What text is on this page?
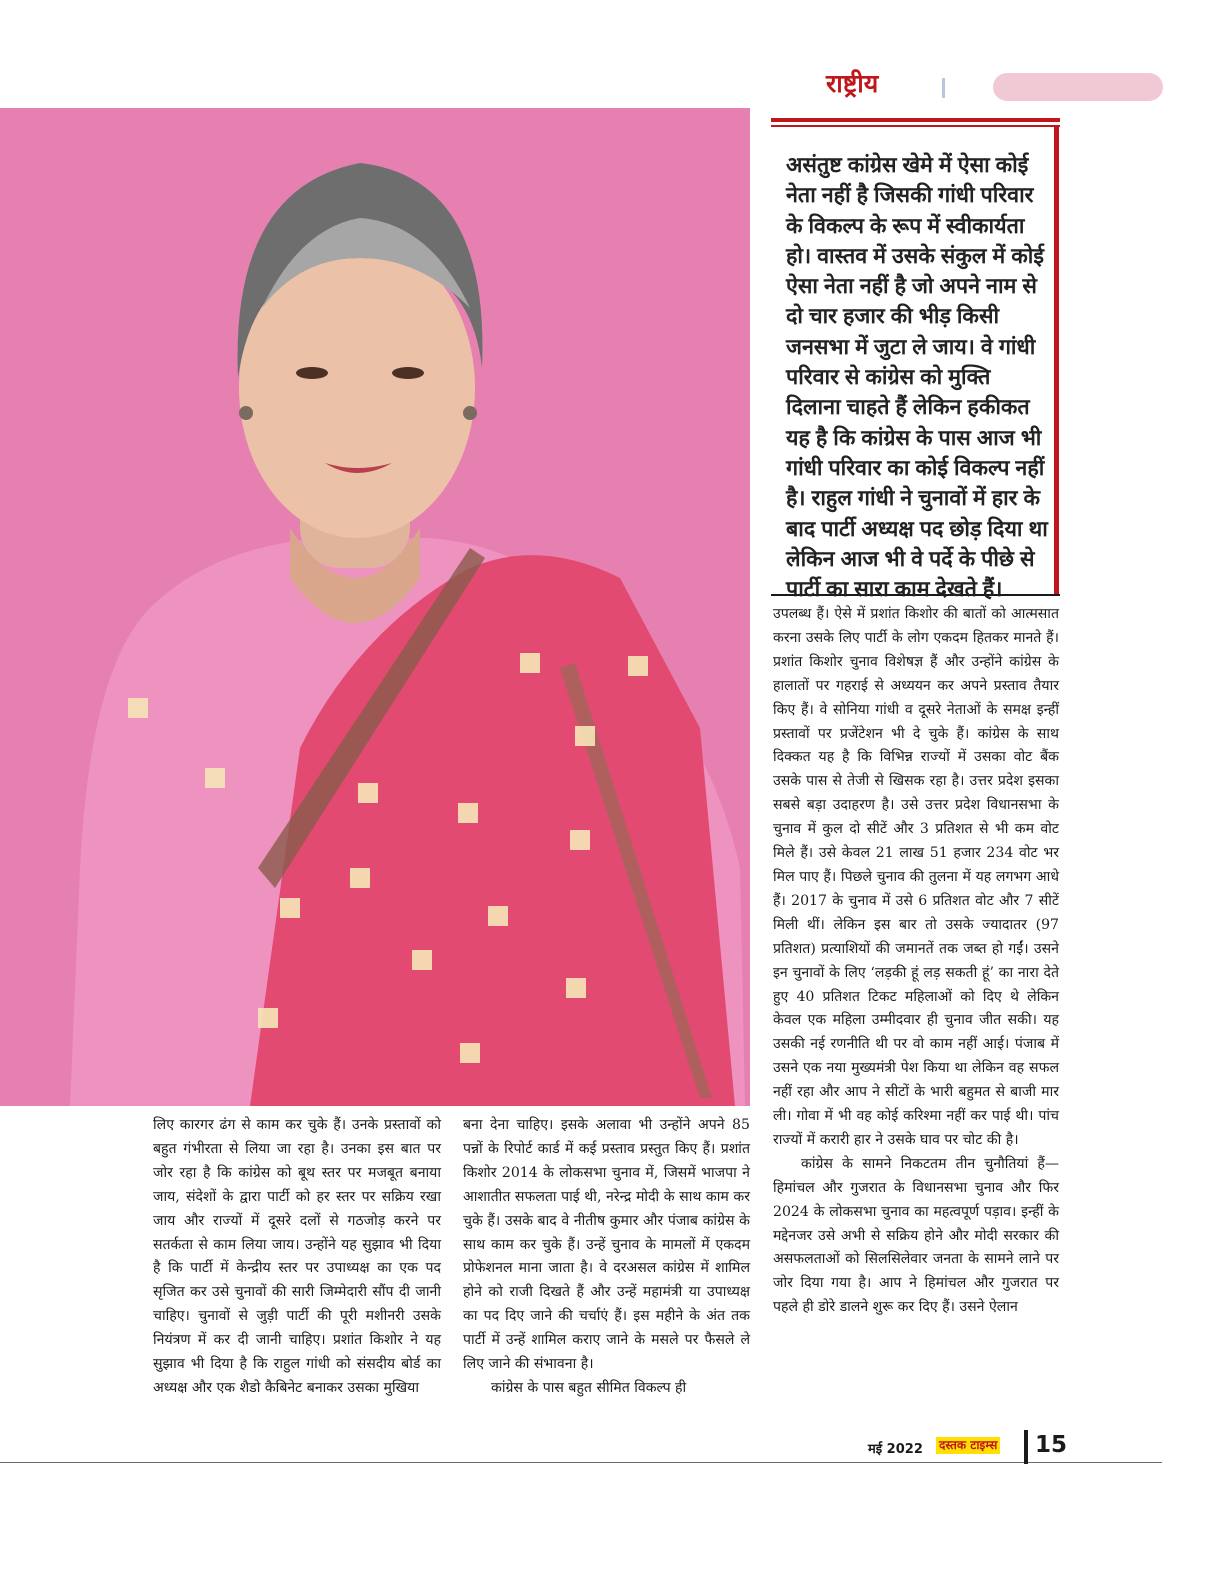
राष्ट्रीय
असंतुष्ट कांग्रेस खेमे में ऐसा कोई नेता नहीं है जिसकी गांधी परिवार के विकल्प के रूप में स्वीकार्यता हो। वास्तव में उसके संकुल में कोई ऐसा नेता नहीं है जो अपने नाम से दो चार हजार की भीड़ किसी जनसभा में जुटा ले जाय। वे गांधी परिवार से कांग्रेस को मुक्ति दिलाना चाहते हैं लेकिन हकीकत यह है कि कांग्रेस के पास आज भी गांधी परिवार का कोई विकल्प नहीं है। राहुल गांधी ने चुनावों में हार के बाद पार्टी अध्यक्ष पद छोड़ दिया था लेकिन आज भी वे पर्दे के पीछे से पार्टी का सारा काम देखते हैं।

उपलब्ध हैं। ऐसे में प्रशांत किशोर की बातों को आत्मसात करना उसके लिए पार्टी के लोग एकदम हितकर मानते हैं। प्रशांत किशोर चुनाव विशेषज्ञ हैं और उन्होंने कांग्रेस के हालातों पर गहराई से अध्ययन कर अपने प्रस्ताव तैयार किए हैं। वे सोनिया गांधी व दूसरे नेताओं के समक्ष इन्हीं प्रस्तावों पर प्रजेंटेशन भी दे चुके हैं। कांग्रेस के साथ दिक्कत यह है कि विभिन्न राज्यों में उसका वोट बैंक उसके पास से तेजी से खिसक रहा है। उत्तर प्रदेश इसका सबसे बड़ा उदाहरण है। उसे उत्तर प्रदेश विधानसभा के चुनाव में कुल दो सीटें और 3 प्रतिशत से भी कम वोट मिले हैं। उसे केवल 21 लाख 51 हजार 234 वोट भर मिल पाए हैं। पिछले चुनाव की तुलना में यह लगभग आधे हैं। 2017 के चुनाव में उसे 6 प्रतिशत वोट और 7 सीटें मिली थीं। लेकिन इस बार तो उसके ज्यादातर (97 प्रतिशत) प्रत्याशियों की जमानतें तक जब्त हो गईं। उसने इन चुनावों के लिए ‘लड़की हूं लड़ सकती हूं’ का नारा देते हुए 40 प्रतिशत टिकट महिलाओं को दिए थे लेकिन केवल एक महिला उम्मीदवार ही चुनाव जीत सकी। यह उसकी नई रणनीति थी पर वो काम नहीं आई। पंजाब में उसने एक नया मुख्यमंत्री पेश किया था लेकिन वह सफल नहीं रहा और आप ने सीटों के भारी बहुमत से बाजी मार ली। गोवा में भी वह कोई करिश्मा नहीं कर पाई थी। पांच राज्यों में करारी हार ने उसके घाव पर चोट की है।

कांग्रेस के सामने निकटतम तीन चुनौतियां हैं— हिमांचल और गुजरात के विधानसभा चुनाव और फिर 2024 के लोकसभा चुनाव का महत्वपूर्ण पड़ाव। इन्हीं के मद्देनजर उसे अभी से सक्रिय होने और मोदी सरकार की असफलताओं को सिलसिलेवार जनता के सामने लाने पर जोर दिया गया है। आप ने हिमांचल और गुजरात पर पहले ही डोरे डालने शुरू कर दिए हैं। उसने ऐलान

लिए कारगर ढंग से काम कर चुके हैं। उनके प्रस्तावों को बहुत गंभीरता से लिया जा रहा है। उनका इस बात पर जोर रहा है कि कांग्रेस को बूथ स्तर पर मजबूत बनाया जाय, संदेशों के द्वारा पार्टी को हर स्तर पर सक्रिय रखा जाय और राज्यों में दूसरे दलों से गठजोड़ करने पर सतर्कता से काम लिया जाय। उन्होंने यह सुझाव भी दिया है कि पार्टी में केन्द्रीय स्तर पर उपाध्यक्ष का एक पद सृजित कर उसे चुनावों की सारी जिम्मेदारी सौंप दी जानी चाहिए। चुनावों से जुड़ी पार्टी की पूरी मशीनरी उसके नियंत्रण में कर दी जानी चाहिए। प्रशांत किशोर ने यह सुझाव भी दिया है कि राहुल गांधी को संसदीय बोर्ड का अध्यक्ष और एक शैडो कैबिनेट बनाकर उसका मुखिया

बना देना चाहिए। इसके अलावा भी उन्होंने अपने 85 पन्नों के रिपोर्ट कार्ड में कई प्रस्ताव प्रस्तुत किए हैं। प्रशांत किशोर 2014 के लोकसभा चुनाव में, जिसमें भाजपा ने आशातीत सफलता पाई थी, नरेन्द्र मोदी के साथ काम कर चुके हैं। उसके बाद वे नीतीष कुमार और पंजाब कांग्रेस के साथ काम कर चुके हैं। उन्हें चुनाव के मामलों में एकदम प्रोफेशनल माना जाता है। वे दरअसल कांग्रेस में शामिल होने को राजी दिखते हैं और उन्हें महामंत्री या उपाध्यक्ष का पद दिए जाने की चर्चाएं हैं। इस महीने के अंत तक पार्टी में उन्हें शामिल कराए जाने के मसले पर फैसले ले लिए जाने की संभावना है।

कांग्रेस के पास बहुत सीमित विकल्प ही

मई 2022 दस्तक टाइम्स 15
